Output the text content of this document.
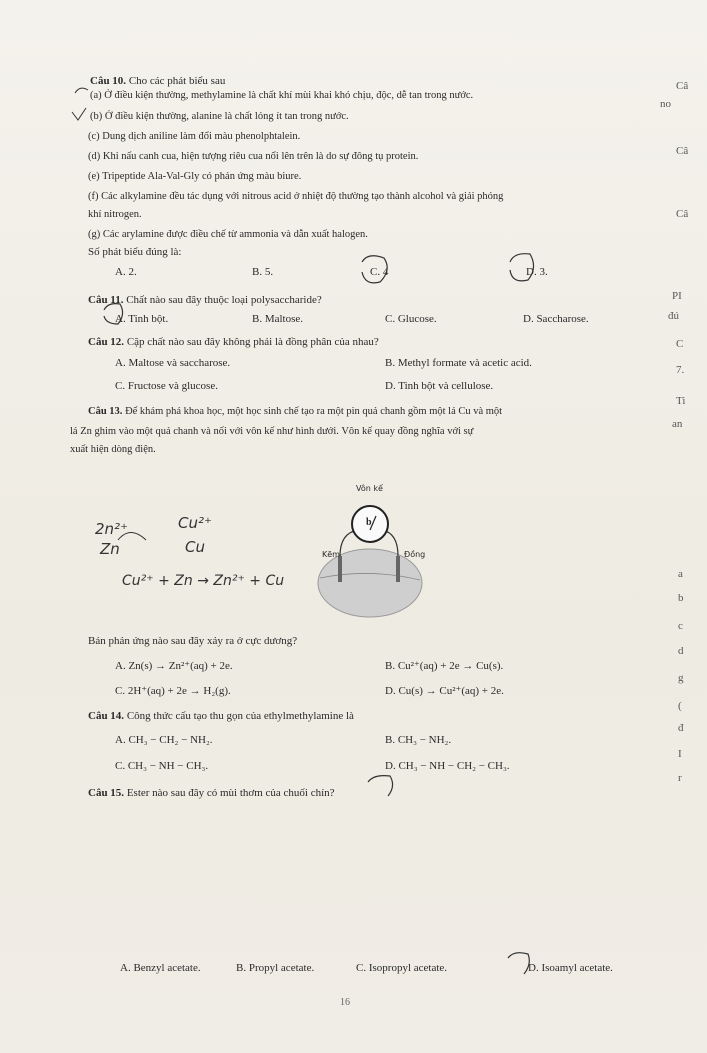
Câu 10. Cho các phát biểu sau
(a) Ở điều kiện thường, methylamine là chất khí mùi khai khó chịu, độc, dễ tan trong nước.
(b) Ở điều kiện thường, alanine là chất lỏng ít tan trong nước.
(c) Dung dịch aniline làm đổi màu phenolphtalein.
(d) Khi nấu canh cua, hiện tượng riêu cua nổi lên trên là do sự đông tụ protein.
(e) Tripeptide Ala-Val-Gly có phản ứng màu biure.
(f) Các alkylamine đều tác dụng với nitrous acid ở nhiệt độ thường tạo thành alcohol và giải phóng
khí nitrogen.
(g) Các arylamine được điều chế từ ammonia và dẫn xuất halogen.
Số phát biểu đúng là:
A. 2.	B. 5.	C. 4	D. 3.
Câu 11. Chất nào sau đây thuộc loại polysaccharide?
A. Tinh bột.	B. Maltose.	C. Glucose.	D. Saccharose.
Câu 12. Cặp chất nào sau đây không phải là đồng phân của nhau?
A. Maltose và saccharose.	B. Methyl formate và acetic acid.
C. Fructose và glucose.	D. Tinh bột và cellulose.
Câu 13. Để khám phá khoa học, một học sinh chế tạo ra một pin quả chanh gồm một lá Cu và một
lá Zn ghim vào một quả chanh và nối với vôn kế như hình dưới. Vôn kế quay đồng nghĩa với sự
xuất hiện dòng điện.
Vôn kế
b
Kẽm	Đồng
2n²⁺	Cu²⁺
Zn	Cu
Cu²⁺ + Zn → Zn²⁺ + Cu
Bán phản ứng nào sau đây xảy ra ở cực dương?
A. Zn(s) → Zn²⁺(aq) + 2e.	B. Cu²⁺(aq) + 2e → Cu(s).
C. 2H⁺(aq) + 2e → H₂(g).	D. Cu(s) → Cu²⁺(aq) + 2e.
Câu 14. Công thức cấu tạo thu gọn của ethylmethylamine là
A. CH₃ − CH₂ − NH₂.	B. CH₃ − NH₂.
C. CH₃ − NH − CH₃.	D. CH₃ − NH − CH₂ − CH₃.
Câu 15. Ester nào sau đây có mùi thơm của chuối chín?
A. Benzyl acetate.	B. Propyl acetate.	C. Isopropyl acetate.	D. Isoamyl acetate.
16
Câ
no
Câ
Câ
PI
đú
C
7.
Ti
an
a
b
c
d
g
(
đ
I
r
